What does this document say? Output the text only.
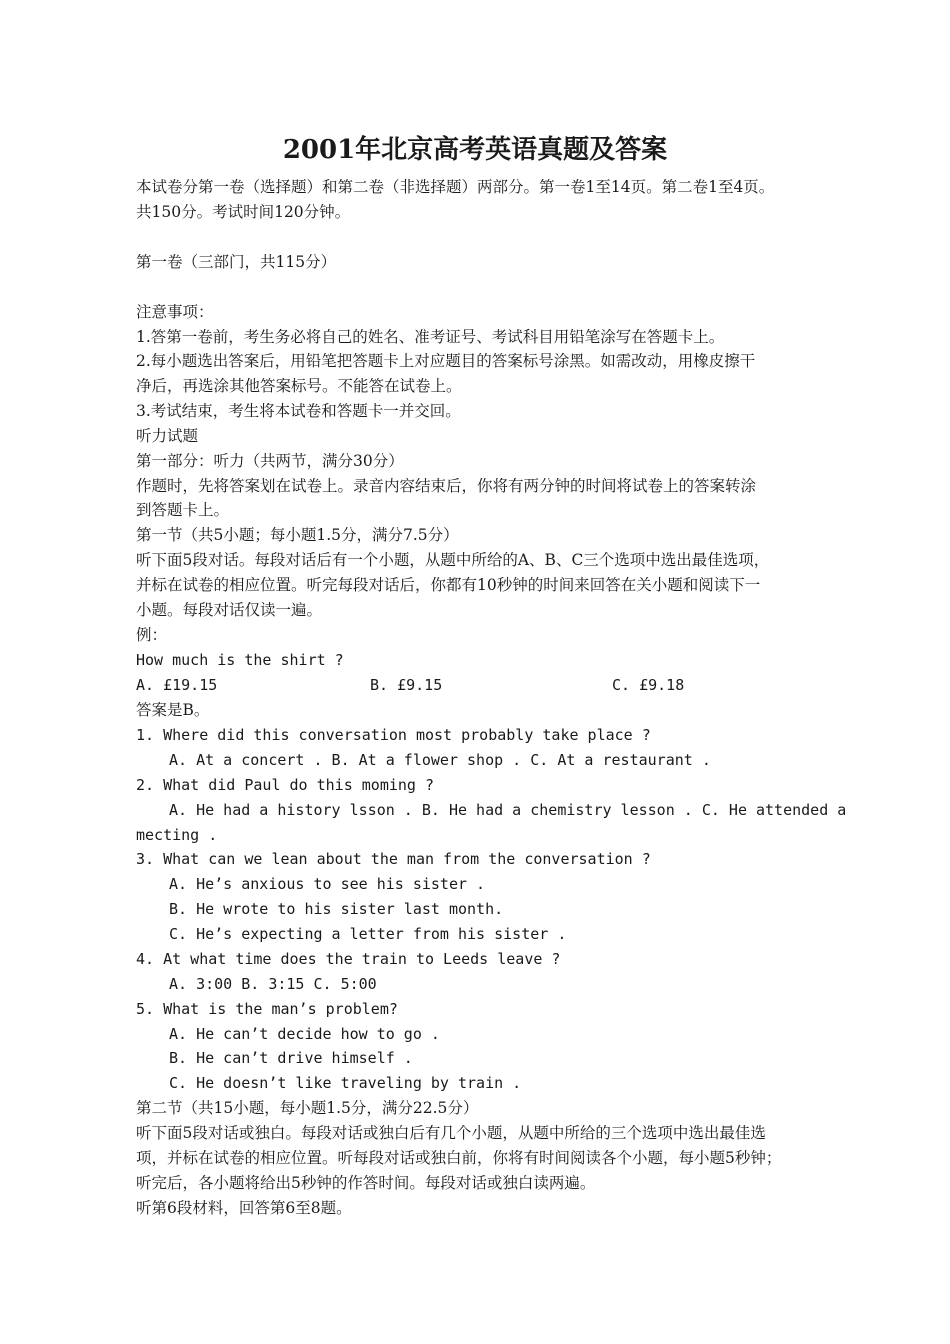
2001年北京高考英语真题及答案
本试卷分第一卷（选择题）和第二卷（非选择题）两部分。第一卷1至14页。第二卷1至4页。
共150分。考试时间120分钟。
第一卷（三部门，共115分）
注意事项：
1.答第一卷前，考生务必将自己的姓名、准考证号、考试科目用铅笔涂写在答题卡上。
2.每小题选出答案后，用铅笔把答题卡上对应题目的答案标号涂黑。如需改动，用橡皮擦干
净后，再选涂其他答案标号。不能答在试卷上。
3.考试结束，考生将本试卷和答题卡一并交回。
听力试题
第一部分：听力（共两节，满分30分）
作题时，先将答案划在试卷上。录音内容结束后，你将有两分钟的时间将试卷上的答案转涂
到答题卡上。
第一节（共5小题；每小题1.5分，满分7.5分）
听下面5段对话。每段对话后有一个小题，从题中所给的A、B、C三个选项中选出最佳选项，
并标在试卷的相应位置。听完每段对话后，你都有10秒钟的时间来回答在关小题和阅读下一
小题。每段对话仅读一遍。
例：
How much is the shirt ?
A. £19.15	B. £9.15	C. £9.18
答案是B。
1. Where did this conversation most probably take place ?
A. At a concert . B. At a flower shop . C. At a restaurant .
2. What did Paul do this moming ?
A. He had a history lsson . B. He had a chemistry lesson . C. He attended a
mecting .
3. What can we lean about the man from the conversation ?
A. He’s anxious to see his sister .
B. He wrote to his sister last month.
C. He’s expecting a letter from his sister .
4. At what time does the train to Leeds leave ?
A. 3:00 B. 3:15 C. 5:00
5. What is the man’s problem?
A. He can’t decide how to go .
B. He can’t drive himself .
C. He doesn’t like traveling by train .
第二节（共15小题，每小题1.5分，满分22.5分）
听下面5段对话或独白。每段对话或独白后有几个小题，从题中所给的三个选项中选出最佳选
项，并标在试卷的相应位置。听每段对话或独白前，你将有时间阅读各个小题，每小题5秒钟；
听完后，各小题将给出5秒钟的作答时间。每段对话或独白读两遍。
听第6段材料，回答第6至8题。
